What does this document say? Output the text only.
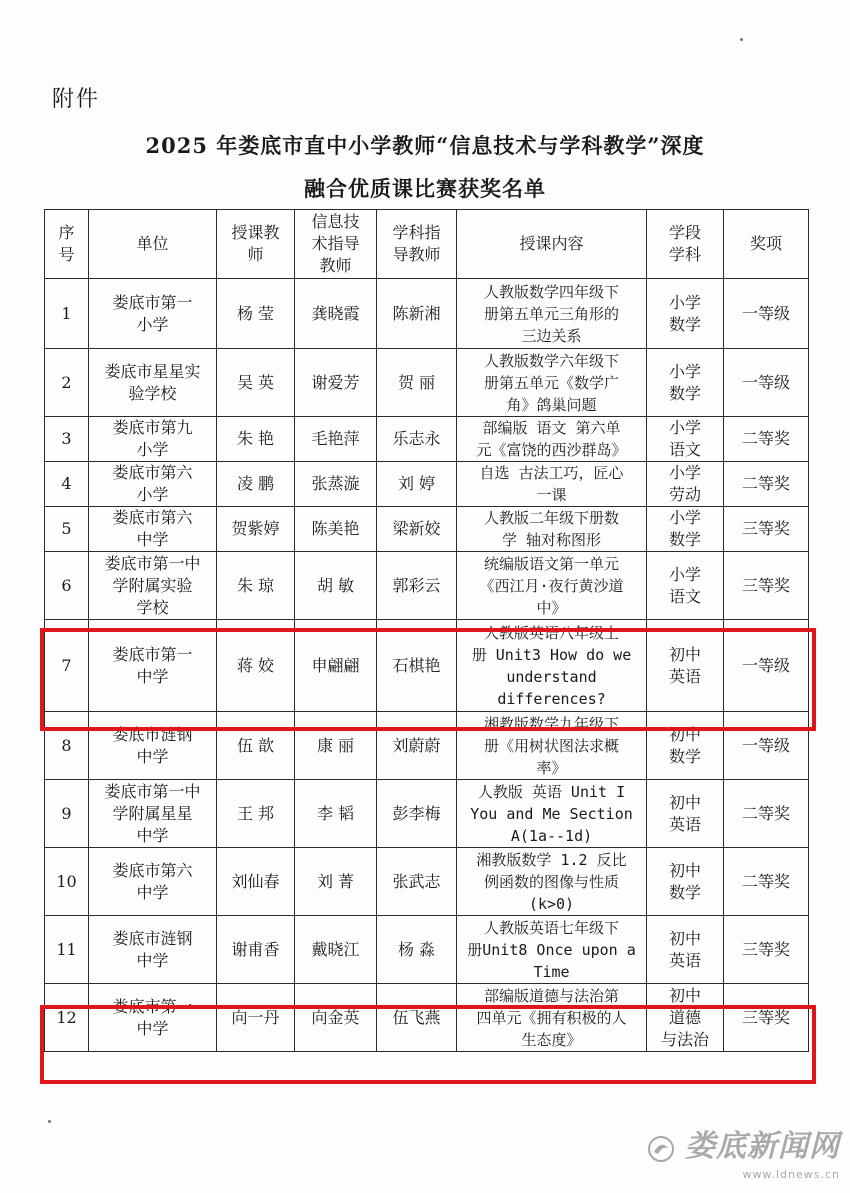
附件
2025 年娄底市直中小学教师“信息技术与学科教学”深度
融合优质课比赛获奖名单
序
号	单位	授课教
师	信息技
术指导
教师	学科指
导教师	授课内容	学段
学科	奖项
1	娄底市第一
小学	杨 莹	龚晓霞	陈新湘	人教版数学四年级下
册第五单元三角形的
三边关系	小学
数学	一等级
2	娄底市星星实
验学校	吴 英	谢爱芳	贺 丽	人教版数学六年级下
册第五单元《数学广
角》鸽巢问题	小学
数学	一等级
3	娄底市第九
小学	朱 艳	毛艳萍	乐志永	部编版 语文 第六单
元《富饶的西沙群岛》	小学
语文	二等奖
4	娄底市第六
小学	凌 鹏	张蒸漩	刘 婷	自选 古法工巧，匠心
一课	小学
劳动	二等奖
5	娄底市第六
中学	贺紫婷	陈美艳	梁新姣	人教版二年级下册数
学 轴对称图形	小学
数学	三等奖
6	娄底市第一中
学附属实验
学校	朱 琼	胡 敏	郭彩云	统编版语文第一单元
《西江月·夜行黄沙道
中》	小学
语文	三等奖
7	娄底市第一
中学	蒋 姣	申翩翩	石棋艳	人教版英语八年级上
册 Unit3 How do we
understand
differences?	初中
英语	一等级
8	娄底市涟钢
中学	伍 歆	康 丽	刘蔚蔚	湘教版数学九年级下
册《用树状图法求概
率》	初中
数学	一等级
9	娄底市第一中
学附属星星
中学	王 邦	李 韬	彭李梅	人教版 英语 Unit I
You and Me Section
A(1a--1d)	初中
英语	二等奖
10	娄底市第六
中学	刘仙春	刘 菁	张武志	湘教版数学 1.2 反比
例函数的图像与性质
(k>0)	初中
数学	二等奖
11	娄底市涟钢
中学	谢甫香	戴晓江	杨 淼	人教版英语七年级下
册Unit8 Once upon a
Time	初中
英语	三等奖
12	娄底市第一
中学	向一丹	向金英	伍飞燕	部编版道德与法治第
四单元《拥有积极的人
生态度》	初中
道德
与法治	三等奖
娄底新闻网
www.ldnews.cn
